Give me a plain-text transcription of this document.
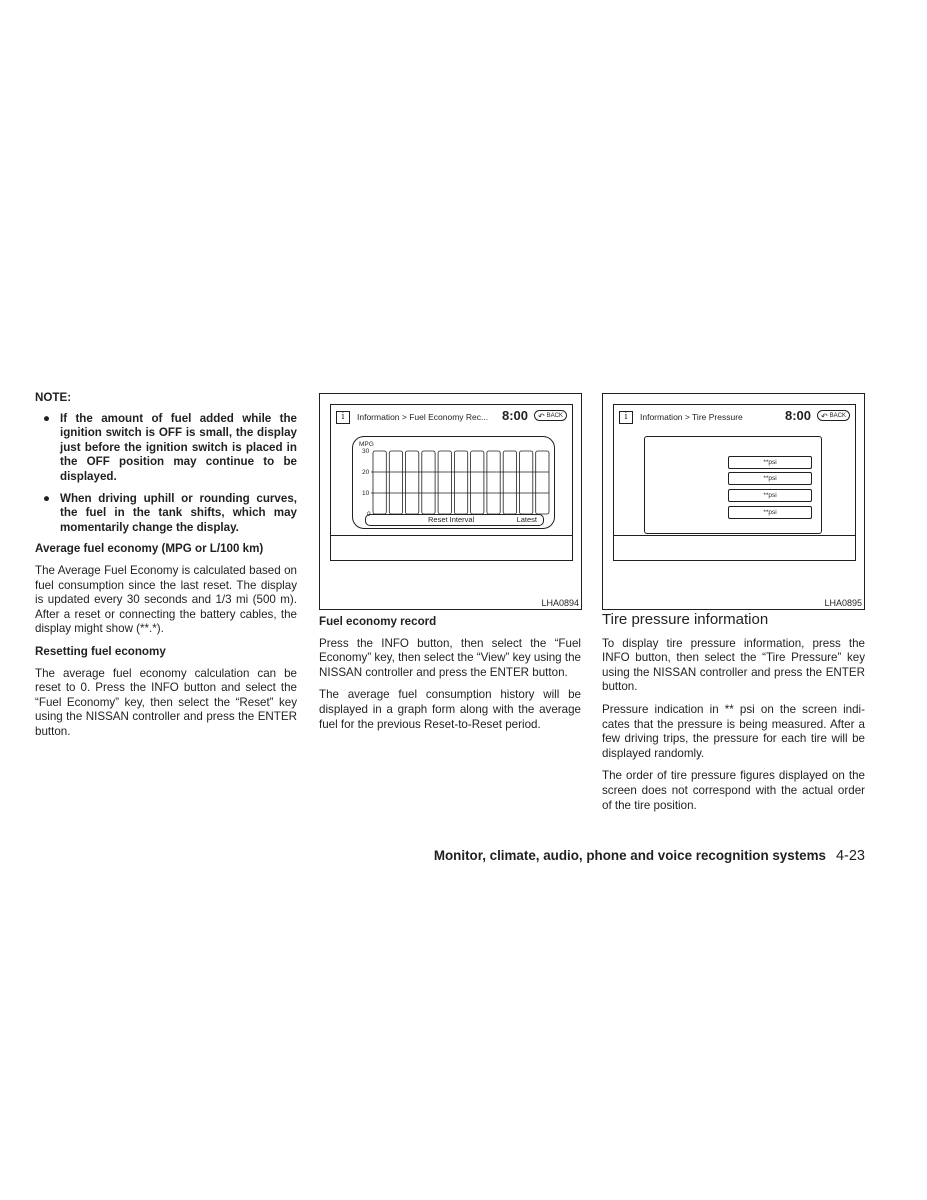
NOTE:
● If the amount of fuel added while the ignition switch is OFF is small, the display just before the ignition switch is placed in the OFF position may continue to be displayed.
● When driving uphill or rounding curves, the fuel in the tank shifts, which may momentarily change the display.
Average fuel economy (MPG or L/100 km)

The Average Fuel Economy is calculated based on fuel consumption since the last reset. The display is updated every 30 seconds and 1/3 mi (500 m). After a reset or connecting the battery cables, the display might show (**.*).

Resetting fuel economy

The average fuel economy calculation can be reset to 0. Press the INFO button and select the “Fuel Economy” key, then select the “Reset” key using the NISSAN controller and press the ENTER button.

i	Information > Fuel Economy Rec... 8:00 ↶ BACK
MPG
30
20
10
0
Reset Interval	Latest
LHA0894
i	Information > Tire Pressure	8:00 ↶ BACK
**psi
**psi
**psi
**psi
LHA0895
Fuel economy record

Press the INFO button, then select the “Fuel Economy” key, then select the “View” key using the NISSAN controller and press the ENTER button.

The average fuel consumption history will be displayed in a graph form along with the average fuel for the previous Reset-to-Reset period.

Tire pressure information

To display tire pressure information, press the INFO button, then select the “Tire Pressure” key using the NISSAN controller and press the ENTER button.

Pressure indication in ** psi on the screen indicates that the pressure is being measured. After a few driving trips, the pressure for each tire will be displayed randomly.

The order of tire pressure figures displayed on the screen does not correspond with the actual order of the tire position.

Monitor, climate, audio, phone and voice recognition systems 4-23
